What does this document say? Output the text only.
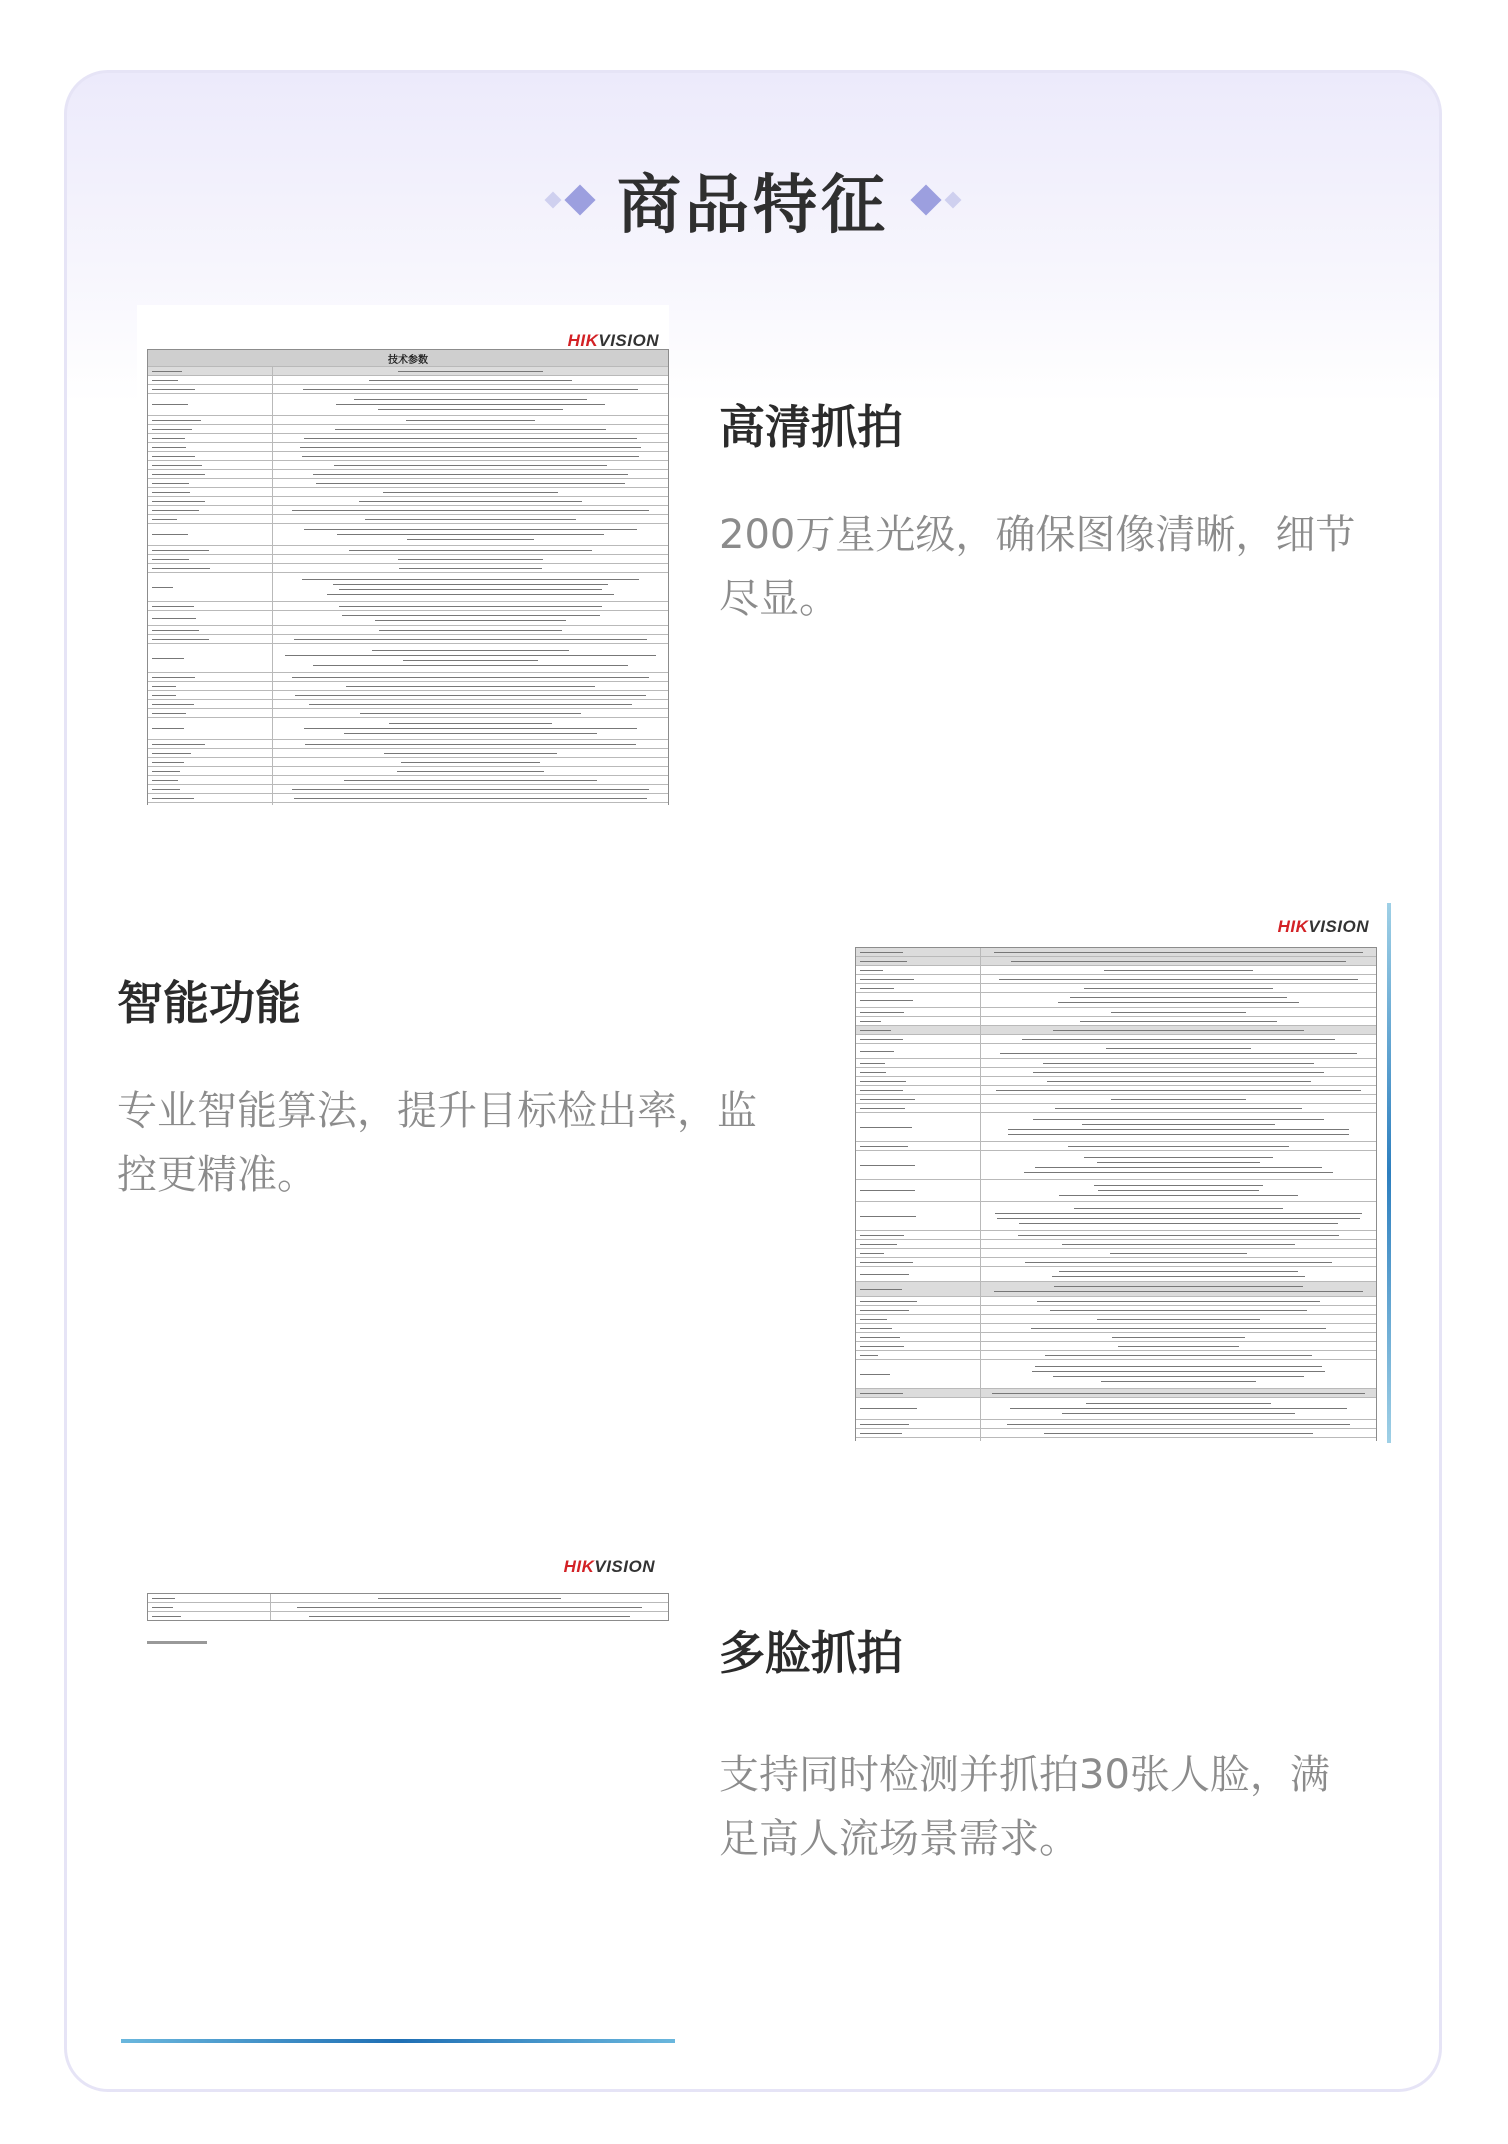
商品特征
HIKVISION
技术参数
高清抓拍
200万星光级，确保图像清晰，细节尽显。
智能功能
专业智能算法，提升目标检出率，监控更精准。
HIKVISION
HIKVISION
多脸抓拍
支持同时检测并抓拍30张人脸，满足高人流场景需求。
